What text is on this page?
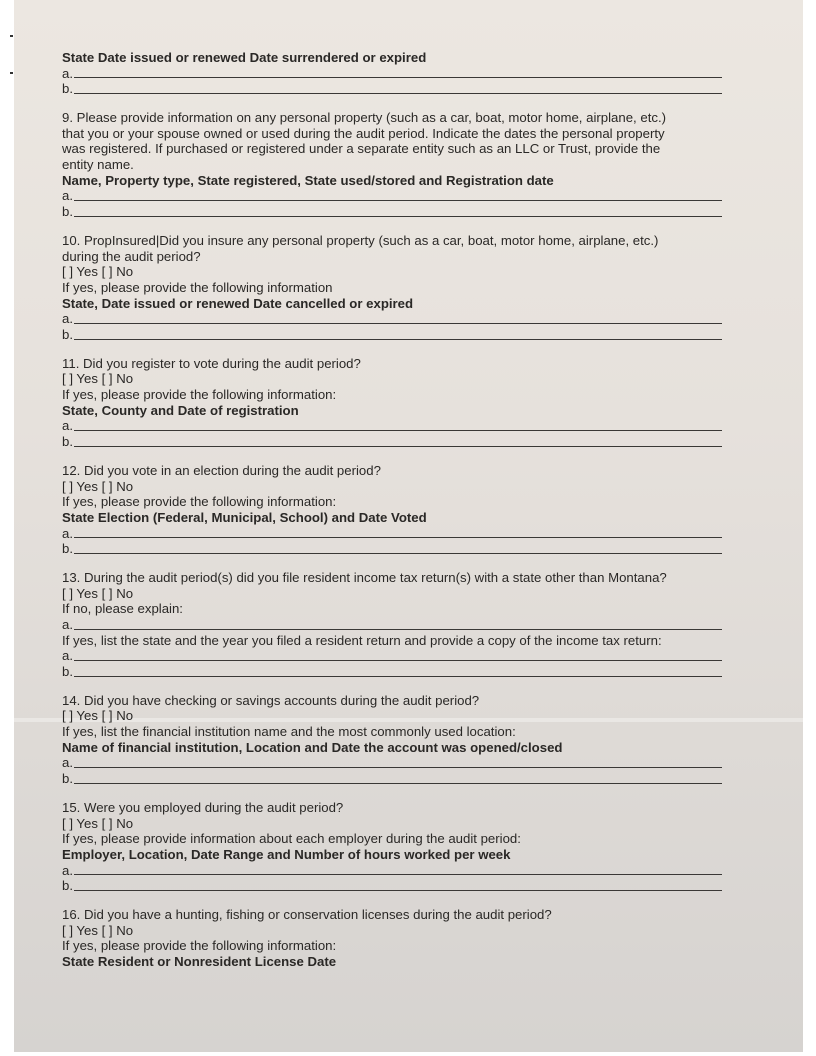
State Date issued or renewed Date surrendered or expired
a.
b.
9. Please provide information on any personal property (such as a car, boat, motor home, airplane, etc.)
that you or your spouse owned or used during the audit period. Indicate the dates the personal property
was registered. If purchased or registered under a separate entity such as an LLC or Trust, provide the
entity name.
Name, Property type, State registered, State used/stored and Registration date
a.
b.
10. PropInsured|Did you insure any personal property (such as a car, boat, motor home, airplane, etc.)
during the audit period?
[ ] Yes [ ] No
If yes, please provide the following information
State, Date issued or renewed Date cancelled or expired
a.
b.
11. Did you register to vote during the audit period?
[ ] Yes [ ] No
If yes, please provide the following information:
State, County and Date of registration
a.
b.
12. Did you vote in an election during the audit period?
[ ] Yes [ ] No
If yes, please provide the following information:
State Election (Federal, Municipal, School) and Date Voted
a.
b.
13. During the audit period(s) did you file resident income tax return(s) with a state other than Montana?
[ ] Yes [ ] No
If no, please explain:
a.
If yes, list the state and the year you filed a resident return and provide a copy of the income tax return:
a.
b.
14. Did you have checking or savings accounts during the audit period?
[ ] Yes [ ] No
If yes, list the financial institution name and the most commonly used location:
Name of financial institution, Location and Date the account was opened/closed
a.
b.
15. Were you employed during the audit period?
[ ] Yes [ ] No
If yes, please provide information about each employer during the audit period:
Employer, Location, Date Range and Number of hours worked per week
a.
b.
16. Did you have a hunting, fishing or conservation licenses during the audit period?
[ ] Yes [ ] No
If yes, please provide the following information:
State Resident or Nonresident License Date
